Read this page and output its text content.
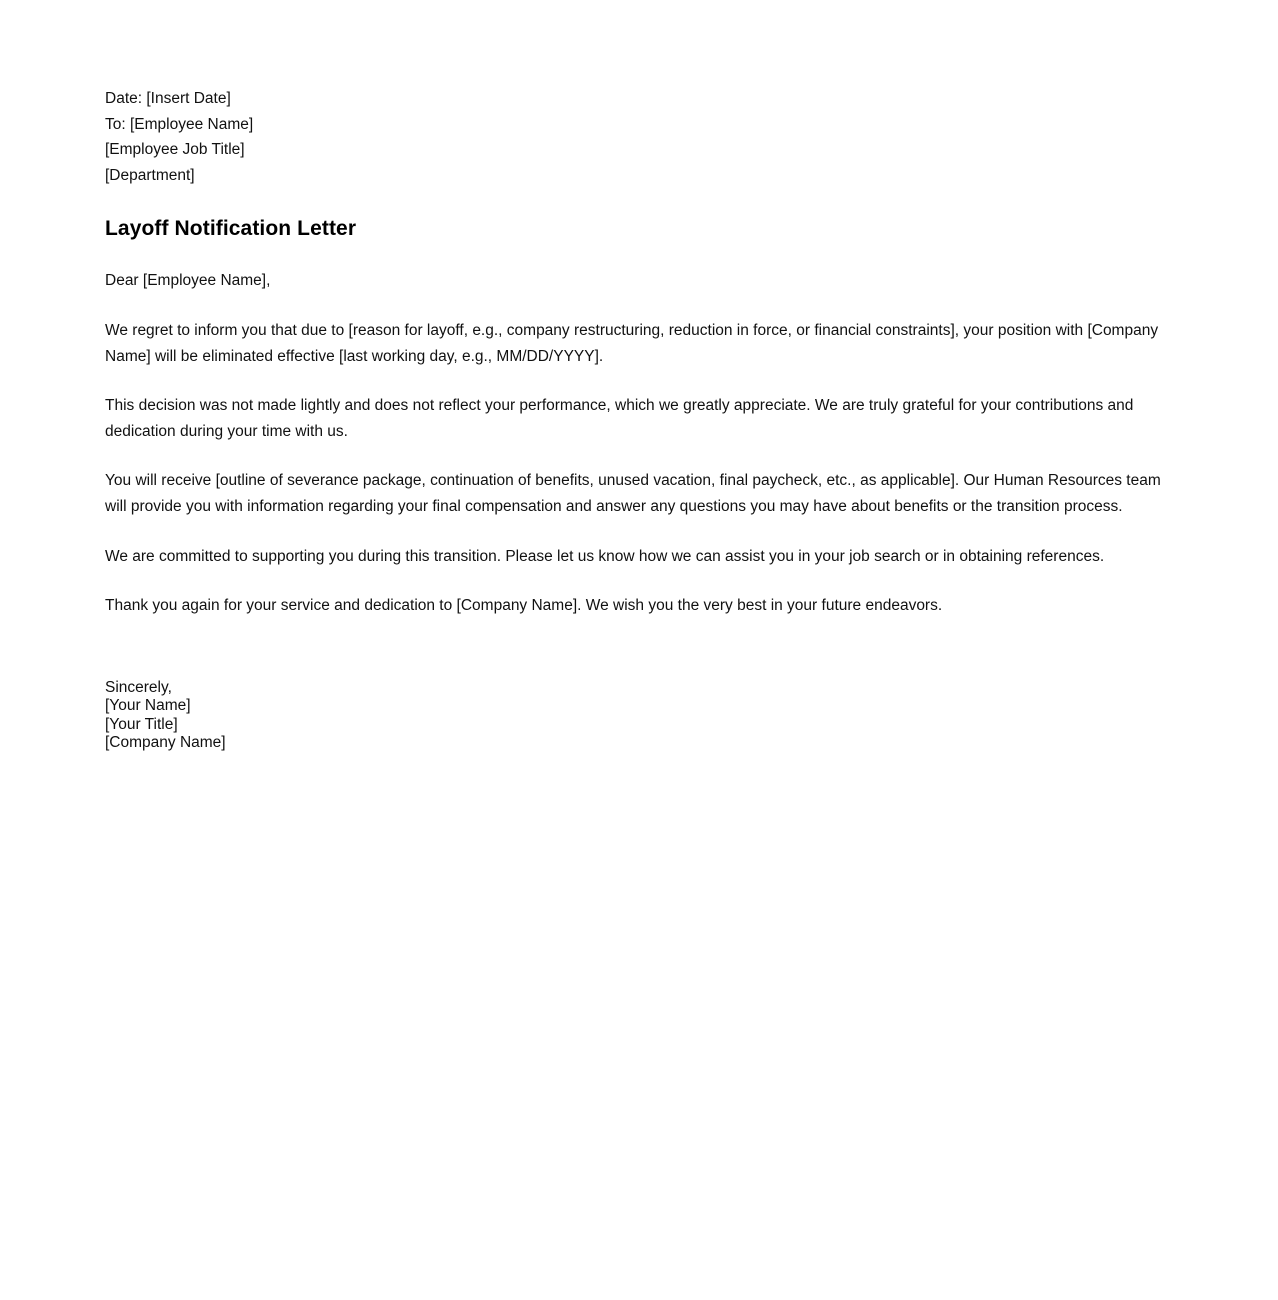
Date: [Insert Date]
To: [Employee Name]
[Employee Job Title]
[Department]
Layoff Notification Letter

Dear [Employee Name],

We regret to inform you that due to [reason for layoff, e.g., company restructuring, reduction in force, or financial constraints], your position with [Company Name] will be eliminated effective [last working day, e.g., MM/DD/YYYY].

This decision was not made lightly and does not reflect your performance, which we greatly appreciate. We are truly grateful for your contributions and dedication during your time with us.

You will receive [outline of severance package, continuation of benefits, unused vacation, final paycheck, etc., as applicable]. Our Human Resources team will provide you with information regarding your final compensation and answer any questions you may have about benefits or the transition process.

We are committed to supporting you during this transition. Please let us know how we can assist you in your job search or in obtaining references.

Thank you again for your service and dedication to [Company Name]. We wish you the very best in your future endeavors.

Sincerely,
[Your Name]
[Your Title]
[Company Name]
